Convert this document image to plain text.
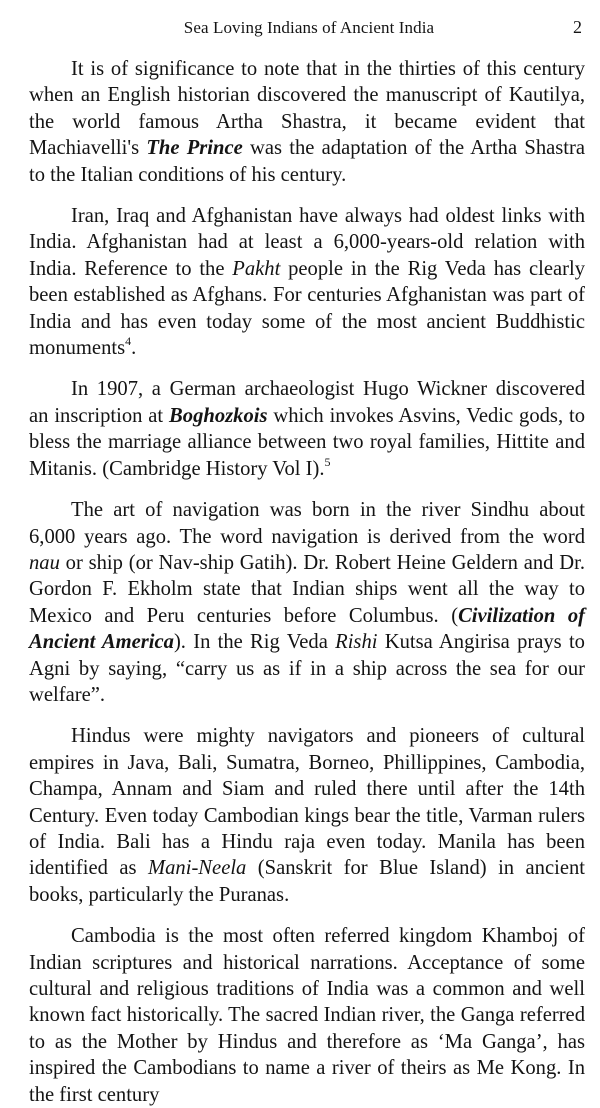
Sea Loving Indians of Ancient India	2

It is of significance to note that in the thirties of this century when an English historian discovered the manuscript of Kautilya, the world famous Artha Shastra, it became evident that Machiavelli's The Prince was the adaptation of the Artha Shastra to the Italian conditions of his century.

Iran, Iraq and Afghanistan have always had oldest links with India. Afghanistan had at least a 6,000-years-old relation with India. Reference to the Pakht people in the Rig Veda has clearly been established as Afghans. For centuries Afghanistan was part of India and has even today some of the most ancient Buddhistic monuments$^4$.

In 1907, a German archaeologist Hugo Wickner discovered an inscription at Boghozkois which invokes Asvins, Vedic gods, to bless the marriage alliance between two royal families, Hittite and Mitanis. (Cambridge History Vol I).$^5$

The art of navigation was born in the river Sindhu about 6,000 years ago. The word navigation is derived from the word nau or ship (or Nav-ship Gatih). Dr. Robert Heine Geldern and Dr. Gordon F. Ekholm state that Indian ships went all the way to Mexico and Peru centuries before Columbus. (Civilization of Ancient America). In the Rig Veda Rishi Kutsa Angirisa prays to Agni by saying, “carry us as if in a ship across the sea for our welfare”.

Hindus were mighty navigators and pioneers of cultural empires in Java, Bali, Sumatra, Borneo, Phillippines, Cambodia, Champa, Annam and Siam and ruled there until after the 14th Century. Even today Cambodian kings bear the title, Varman rulers of India. Bali has a Hindu raja even today. Manila has been identified as Mani-Neela (Sanskrit for Blue Island) in ancient books, particularly the Puranas.

Cambodia is the most often referred kingdom Khamboj of Indian scriptures and historical narrations. Acceptance of some cultural and religious traditions of India was a common and well known fact historically. The sacred Indian river, the Ganga referred to as the Mother by Hindus and therefore as ‘Ma Ganga’, has inspired the Cambodians to name a river of theirs as Me Kong. In the first century
